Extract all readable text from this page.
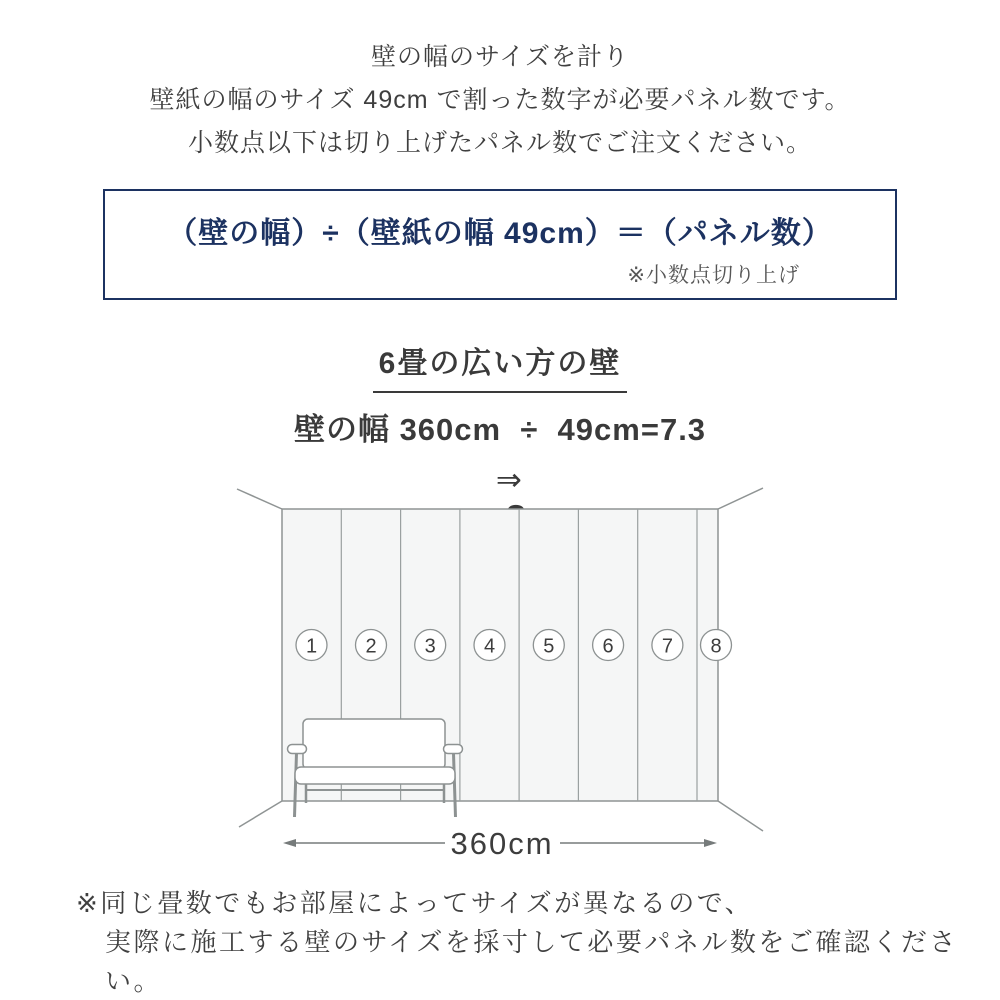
壁の幅のサイズを計り
壁紙の幅のサイズ 49cm で割った数字が必要パネル数です。
小数点以下は切り上げたパネル数でご注文ください。
（壁の幅）÷（壁紙の幅 49cm）＝（パネル数）
※小数点切り上げ
6畳の広い方の壁
壁の幅 360cm  ÷  49cm=7.3

⇒

1 2 3 4 5 6 7 8
360cm
※同じ畳数でもお部屋によってサイズが異なるので、
実際に施工する壁のサイズを採寸して必要パネル数をご確認ください。
